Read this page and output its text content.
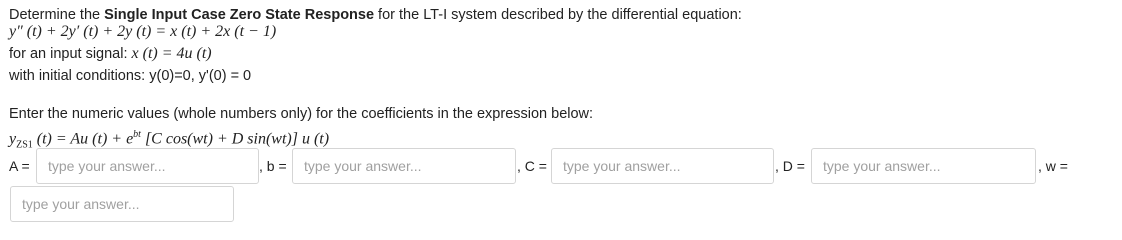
Determine the Single Input Case Zero State Response for the LT-I system described by the differential equation:
y″ (t) + 2y′ (t) + 2y (t) = x (t) + 2x (t − 1)
for an input signal: x (t) = 4u (t)
with initial conditions: y(0)=0, y'(0) = 0
Enter the numeric values (whole numbers only) for the coefficients in the expression below:
$y_{ZS1}$ (t) = Au $(t) + e^{bt}$ [C cos(wt) + D sin(wt)] u (t)
A =
type your answer...	, b =
type your answer...	, C =
type your answer...	, D =
type your answer...	, w =
type your answer...
